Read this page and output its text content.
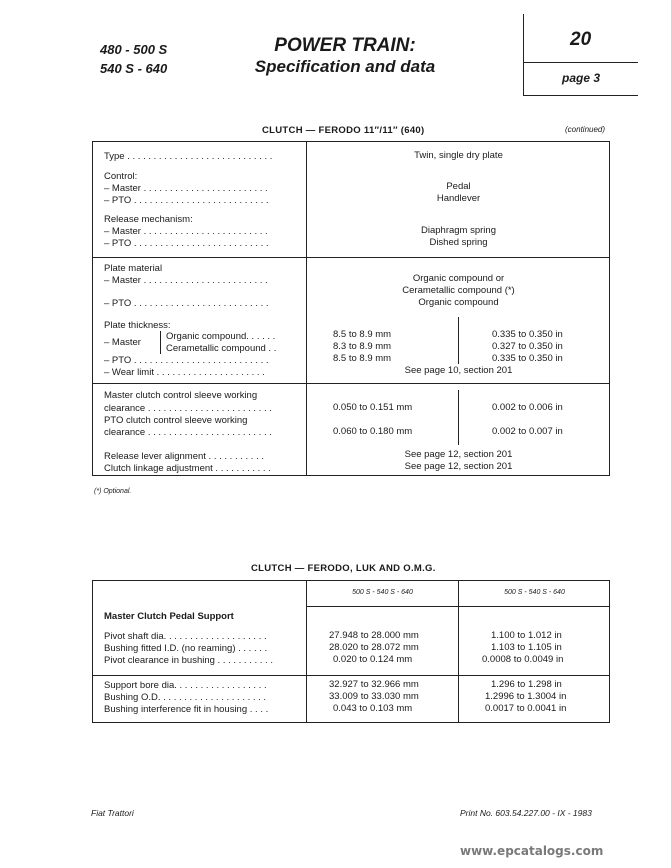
480 - 500 S
540 S - 640
POWER TRAIN:
Specification and data
20
page 3
CLUTCH — FERODO 11″/11″ (640)	(continued)
Type . . . . . . . . . . . . . . . . . . . . . . . . . . . .	Twin, single dry plate
Control:
– Master . . . . . . . . . . . . . . . . . . . . . . . .	Pedal
– PTO . . . . . . . . . . . . . . . . . . . . . . . . . .	Handlever
Release mechanism:
– Master . . . . . . . . . . . . . . . . . . . . . . . .	Diaphragm spring
– PTO . . . . . . . . . . . . . . . . . . . . . . . . . .	Dished spring
Plate material
– Master . . . . . . . . . . . . . . . . . . . . . . . .	Organic compound or
Cerametallic compound (*)
– PTO . . . . . . . . . . . . . . . . . . . . . . . . . .	Organic compound
Plate thickness:
– Master
Organic compound. . . . . .	8.5 to 8.9 mm	0.335 to 0.350 in
Cerametallic compound . .	8.3 to 8.9 mm	0.327 to 0.350 in
– PTO . . . . . . . . . . . . . . . . . . . . . . . . . .	8.5 to 8.9 mm	0.335 to 0.350 in
– Wear limit . . . . . . . . . . . . . . . . . . . . .	See page 10, section 201
Master clutch control sleeve working
clearance . . . . . . . . . . . . . . . . . . . . . . . .	0.050 to 0.151 mm	0.002 to 0.006 in
PTO clutch control sleeve working
clearance . . . . . . . . . . . . . . . . . . . . . . . .	0.060 to 0.180 mm	0.002 to 0.007 in
Release lever alignment . . . . . . . . . . .	See page 12, section 201
Clutch linkage adjustment . . . . . . . . . . .	See page 12, section 201
(*) Optional.
CLUTCH — FERODO, LUK AND O.M.G.
500 S - 540 S - 640	500 S - 540 S - 640
Master Clutch Pedal Support
Pivot shaft dia. . . . . . . . . . . . . . . . . . . .	27.948 to 28.000 mm	1.100 to 1.012 in
Bushing fitted I.D. (no reaming) . . . . . .	28.020 to 28.072 mm	1.103 to 1.105 in
Pivot clearance in bushing . . . . . . . . . . .	0.020 to 0.124 mm	0.0008 to 0.0049 in
Support bore dia. . . . . . . . . . . . . . . . . .	32.927 to 32.966 mm	1.296 to 1.298 in
Bushing O.D. . . . . . . . . . . . . . . . . . . . .	33.009 to 33.030 mm	1.2996 to 1.3004 in
Bushing interference fit in housing . . . .	0.043 to 0.103 mm	0.0017 to 0.0041 in
Fiat Trattori	Print No. 603.54.227.00 - IX - 1983
www.epcatalogs.com
